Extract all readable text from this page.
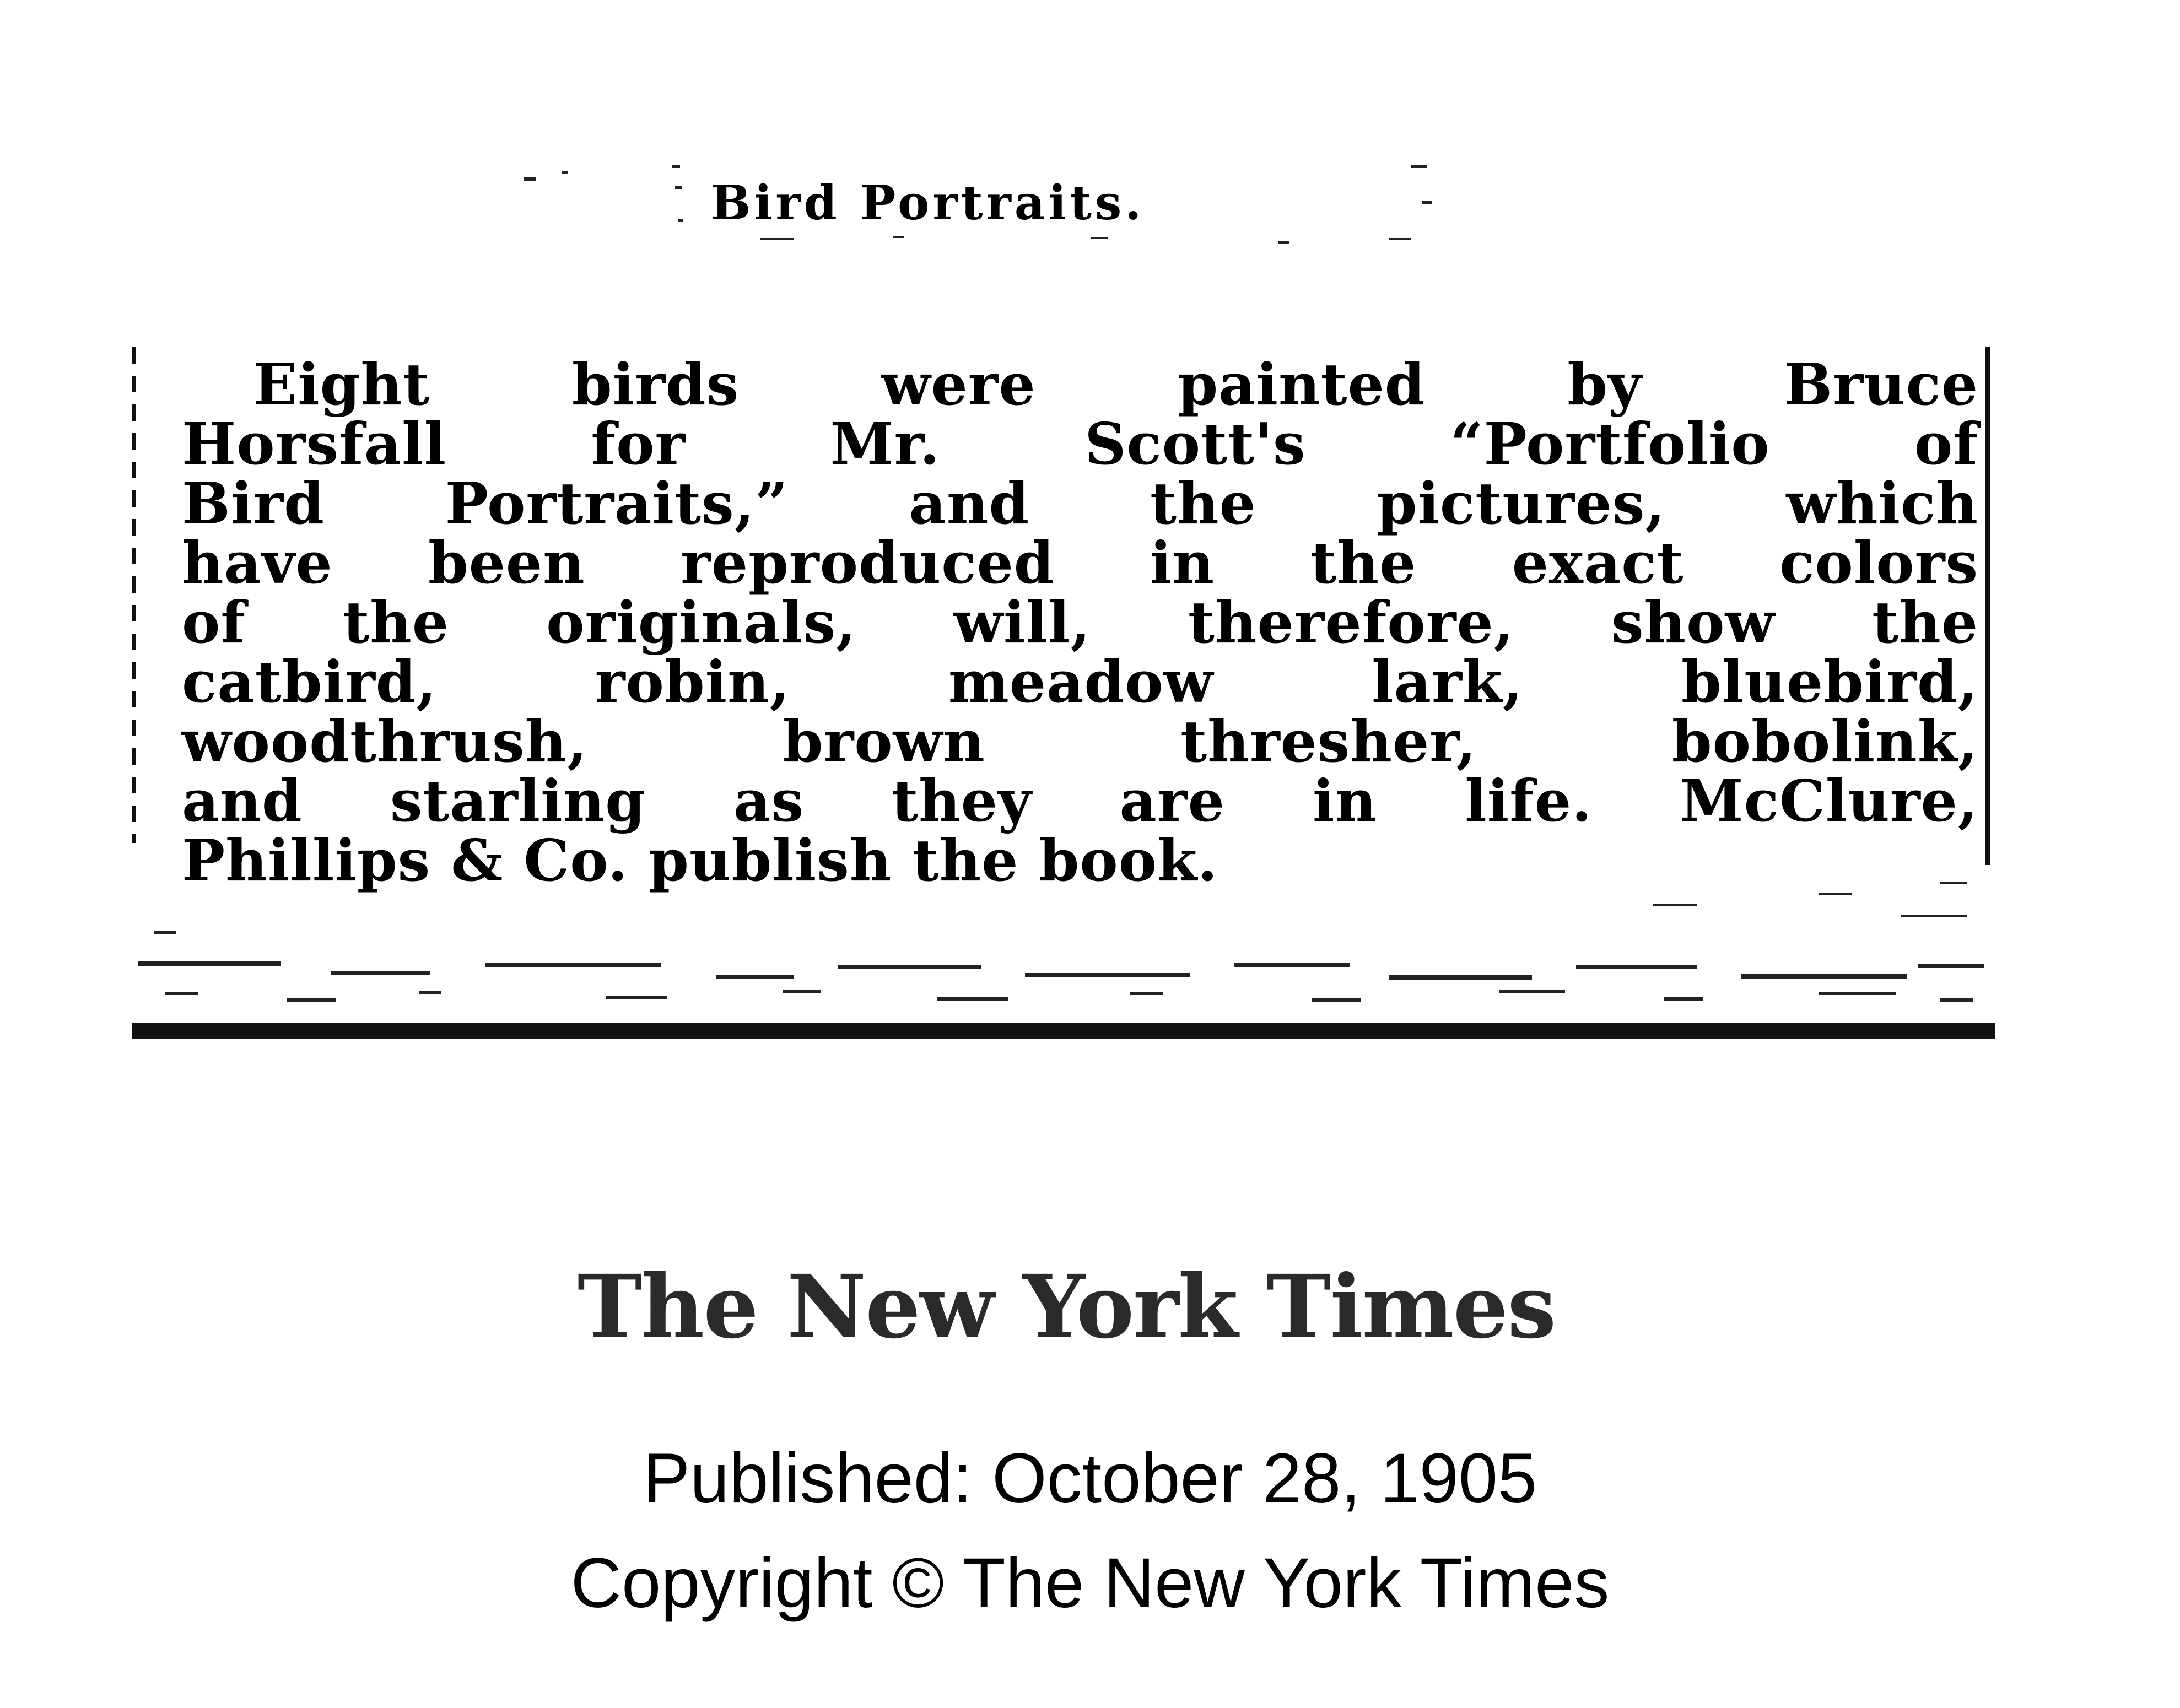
Bird Portraits.
Eight birds were painted by Bruce
Horsfall for Mr. Scott's “Portfolio of
Bird Portraits,” and the pictures, which
have been reproduced in the exact colors
of the originals, will, therefore, show the
catbird, robin, meadow lark, bluebird,
woodthrush, brown thresher, bobolink,
and starling as they are in life. McClure,
Phillips & Co. publish the book.
The New York Times
Published: October 28, 1905
Copyright © The New York Times
